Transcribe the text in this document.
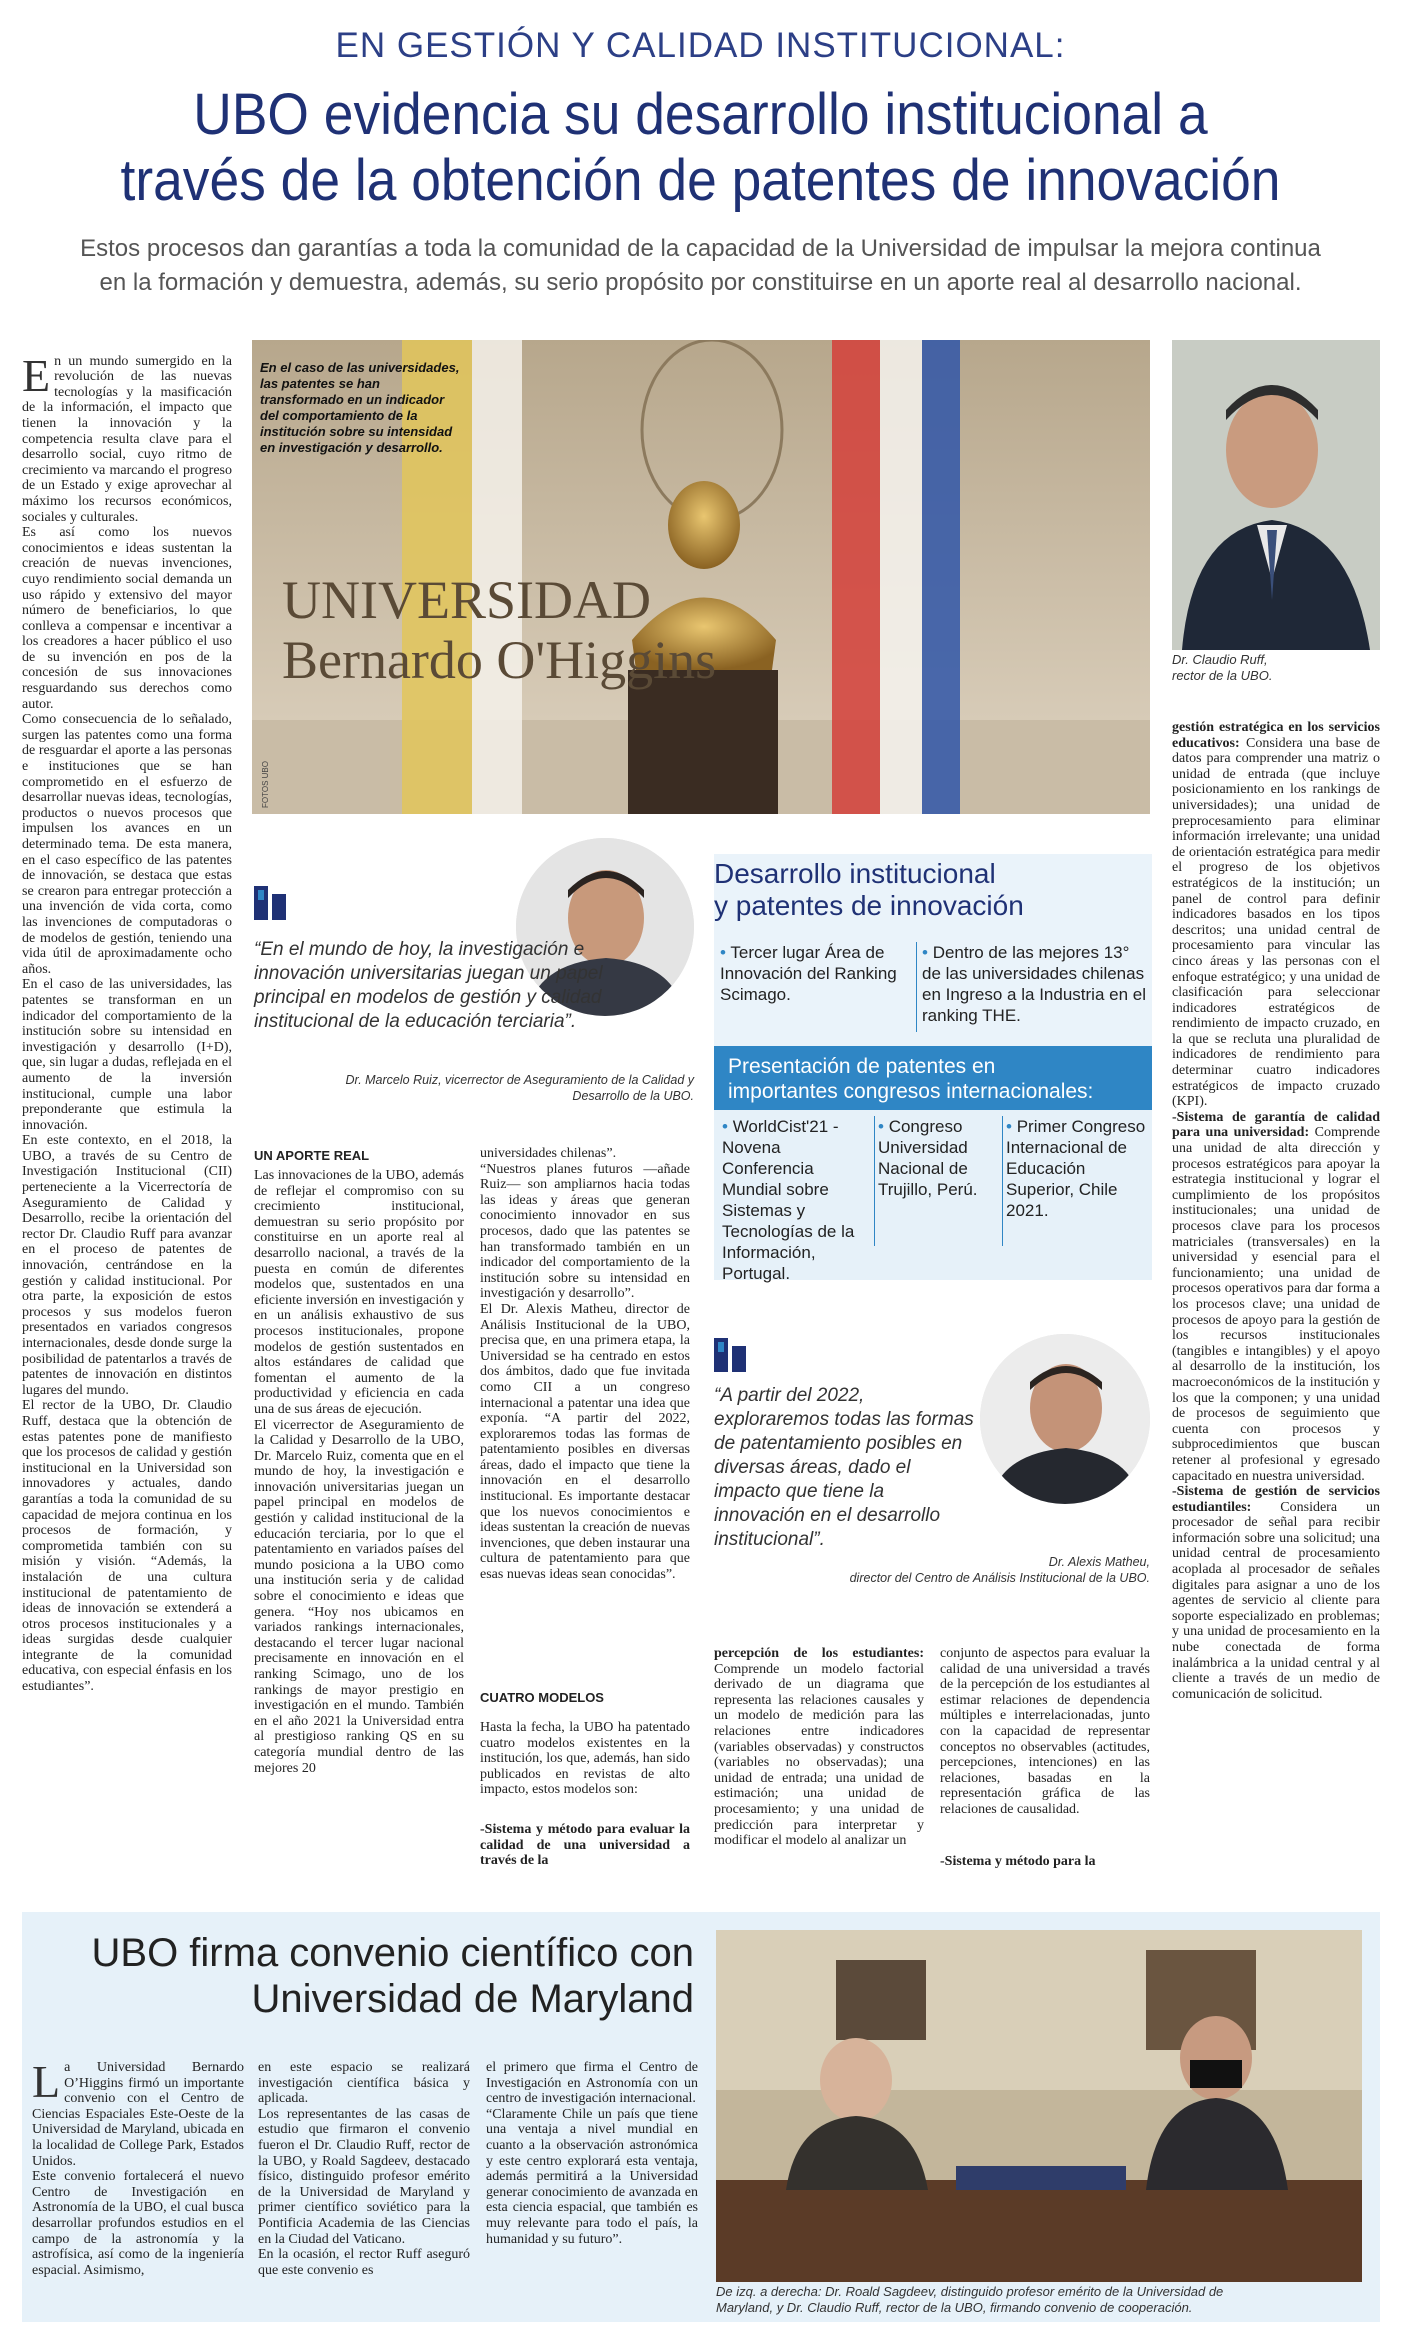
EN GESTIÓN Y CALIDAD INSTITUCIONAL:
UBO evidencia su desarrollo institucional a
través de la obtención de patentes de innovación
Estos procesos dan garantías a toda la comunidad de la capacidad de la Universidad de impulsar la mejora continua
en la formación y demuestra, además, su serio propósito por constituirse en un aporte real al desarrollo nacional.

En un mundo sumergido en la revolución de las nuevas tecnologías y la masificación de la información, el impacto que tienen la innovación y la competencia resulta clave para el desarrollo social, cuyo ritmo de crecimiento va marcando el progreso de un Estado y exige aprovechar al máximo los recursos económicos, sociales y culturales.
Es así como los nuevos conocimientos e ideas sustentan la creación de nuevas invenciones, cuyo rendimiento social demanda un uso rápido y extensivo del mayor número de beneficiarios, lo que conlleva a compensar e incentivar a los creadores a hacer público el uso de su invención en pos de la concesión de sus innovaciones resguardando sus derechos como autor.
Como consecuencia de lo señalado, surgen las patentes como una forma de resguardar el aporte a las personas e instituciones que se han comprometido en el esfuerzo de desarrollar nuevas ideas, tecnologías, productos o nuevos procesos que impulsen los avances en un determinado tema. De esta manera, en el caso específico de las patentes de innovación, se destaca que estas se crearon para entregar protección a una invención de vida corta, como las invenciones de computadoras o de modelos de gestión, teniendo una vida útil de aproximadamente ocho años.
En el caso de las universidades, las patentes se transforman en un indicador del comportamiento de la institución sobre su intensidad en investigación y desarrollo (I+D), que, sin lugar a dudas, reflejada en el aumento de la inversión institucional, cumple una labor preponderante que estimula la innovación.
En este contexto, en el 2018, la UBO, a través de su Centro de Investigación Institucional (CII) perteneciente a la Vicerrectoría de Aseguramiento de Calidad y Desarrollo, recibe la orientación del rector Dr. Claudio Ruff para avanzar en el proceso de patentes de innovación, centrándose en la gestión y calidad institucional. Por otra parte, la exposición de estos procesos y sus modelos fueron presentados en variados congresos internacionales, desde donde surge la posibilidad de patentarlos a través de patentes de innovación en distintos lugares del mundo.
El rector de la UBO, Dr. Claudio Ruff, destaca que la obtención de estas patentes pone de manifiesto que los procesos de calidad y gestión institucional en la Universidad son innovadores y actuales, dando garantías a toda la comunidad de su capacidad de mejora continua en los procesos de formación, y comprometida también con su misión y visión. “Además, la instalación de una cultura institucional de patentamiento de ideas de innovación se extenderá a otros procesos institucionales y a ideas surgidas desde cualquier integrante de la comunidad educativa, con especial énfasis en los estudiantes”.

UNIVERSIDAD
Bernardo O'Higgins
En el caso de las universidades, las patentes se han transformado en un indicador del comportamiento de la institución sobre su intensidad en investigación y desarrollo.
FOTOS UBO
Dr. Claudio Ruff,
rector de la UBO.
“En el mundo de hoy, la investigación e innovación universitarias juegan un papel principal en modelos de gestión y calidad institucional de la educación terciaria”.
Dr. Marcelo Ruiz, vicerrector de Aseguramiento de la Calidad y
Desarrollo de la UBO.
Desarrollo institucional
y patentes de innovación
• Tercer lugar Área de Innovación del Ranking Scimago.
• Dentro de las mejores 13° de las universidades chilenas en Ingreso a la Industria en el ranking THE.
Presentación de patentes en
importantes congresos internacionales:
• WorldCist'21 - Novena Conferencia Mundial sobre Sistemas y Tecnologías de la Información, Portugal.
• Congreso Universidad Nacional de Trujillo, Perú.
• Primer Congreso Internacional de Educación Superior, Chile 2021.
UN APORTE REAL
Las innovaciones de la UBO, además de reflejar el compromiso con su crecimiento institucional, demuestran su serio propósito por constituirse en un aporte real al desarrollo nacional, a través de la puesta en común de diferentes modelos que, sustentados en una eficiente inversión en investigación y en un análisis exhaustivo de sus procesos institucionales, propone modelos de gestión sustentados en altos estándares de calidad que fomentan el aumento de la productividad y eficiencia en cada una de sus áreas de ejecución.
El vicerrector de Aseguramiento de la Calidad y Desarrollo de la UBO, Dr. Marcelo Ruiz, comenta que en el mundo de hoy, la investigación e innovación universitarias juegan un papel principal en modelos de gestión y calidad institucional de la educación terciaria, por lo que el patentamiento en variados países del mundo posiciona a la UBO como una institución seria y de calidad sobre el conocimiento e ideas que genera. “Hoy nos ubicamos en variados rankings internacionales, destacando el tercer lugar nacional precisamente en innovación en el ranking Scimago, uno de los rankings de mayor prestigio en investigación en el mundo. También en el año 2021 la Universidad entra al prestigioso ranking QS en su categoría mundial dentro de las mejores 20
universidades chilenas”.
“Nuestros planes futuros —añade Ruiz— son ampliarnos hacia todas las ideas y áreas que generan conocimiento innovador en sus procesos, dado que las patentes se han transformado también en un indicador del comportamiento de la institución sobre su intensidad en investigación y desarrollo”.
El Dr. Alexis Matheu, director de Análisis Institucional de la UBO, precisa que, en una primera etapa, la Universidad se ha centrado en estos dos ámbitos, dado que fue invitada como CII a un congreso internacional a patentar una idea que exponía. “A partir del 2022, exploraremos todas las formas de patentamiento posibles en diversas áreas, dado el impacto que tiene la innovación en el desarrollo institucional. Es importante destacar que los nuevos conocimientos e ideas sustentan la creación de nuevas invenciones, que deben instaurar una cultura de patentamiento para que esas nuevas ideas sean conocidas”.
CUATRO MODELOS
Hasta la fecha, la UBO ha patentado cuatro modelos existentes en la institución, los que, además, han sido publicados en revistas de alto impacto, estos modelos son:
-Sistema y método para evaluar la calidad de una universidad a través de la
“A partir del 2022, exploraremos todas las formas de patentamiento posibles en diversas áreas, dado el impacto que tiene la innovación en el desarrollo institucional”.
Dr. Alexis Matheu,
director del Centro de Análisis Institucional de la UBO.
percepción de los estudiantes: Comprende un modelo factorial derivado de un diagrama que representa las relaciones causales y un modelo de medición para las relaciones entre indicadores (variables observadas) y constructos (variables no observadas); una unidad de entrada; una unidad de estimación; una unidad de procesamiento; y una unidad de predicción para interpretar y modificar el modelo al analizar un
conjunto de aspectos para evaluar la calidad de una universidad a través de la percepción de los estudiantes al estimar relaciones de dependencia múltiples e interrelacionadas, junto con la capacidad de representar conceptos no observables (actitudes, percepciones, intenciones) en las relaciones, basadas en la representación gráfica de las relaciones de causalidad.
-Sistema y método para la
gestión estratégica en los servicios educativos: Considera una base de datos para comprender una matriz o unidad de entrada (que incluye posicionamiento en los rankings de universidades); una unidad de preprocesamiento para eliminar información irrelevante; una unidad de orientación estratégica para medir el progreso de los objetivos estratégicos de la institución; un panel de control para definir indicadores basados en los tipos descritos; una unidad central de procesamiento para vincular las cinco áreas y las personas con el enfoque estratégico; y una unidad de clasificación para seleccionar indicadores estratégicos de rendimiento de impacto cruzado, en la que se recluta una pluralidad de indicadores de rendimiento para determinar cuatro indicadores estratégicos de impacto cruzado (KPI).
-Sistema de garantía de calidad para una universidad: Comprende una unidad de alta dirección y procesos estratégicos para apoyar la estrategia institucional y lograr el cumplimiento de los propósitos institucionales; una unidad de procesos clave para los procesos matriciales (transversales) en la universidad y esencial para el funcionamiento; una unidad de procesos operativos para dar forma a los procesos clave; una unidad de procesos de apoyo para la gestión de los recursos institucionales (tangibles e intangibles) y el apoyo al desarrollo de la institución, los macroeconómicos de la institución y los que la componen; y una unidad de procesos de seguimiento que cuenta con procesos y subprocedimientos que buscan retener al profesional y egresado capacitado en nuestra universidad.
-Sistema de gestión de servicios estudiantiles: Considera un procesador de señal para recibir información sobre una solicitud; una unidad central de procesamiento acoplada al procesador de señales digitales para asignar a uno de los agentes de servicio al cliente para soporte especializado en problemas; y una unidad de procesamiento en la nube conectada de forma inalámbrica a la unidad central y al cliente a través de un medio de comunicación de solicitud.
UBO firma convenio científico con
Universidad de Maryland
La Universidad Bernardo O’Higgins firmó un importante convenio con el Centro de Ciencias Espaciales Este-Oeste de la Universidad de Maryland, ubicada en la localidad de College Park, Estados Unidos.
Este convenio fortalecerá el nuevo Centro de Investigación en Astronomía de la UBO, el cual busca desarrollar profundos estudios en el campo de la astronomía y la astrofísica, así como de la ingeniería espacial. Asimismo,
en este espacio se realizará investigación científica básica y aplicada.
Los representantes de las casas de estudio que firmaron el convenio fueron el Dr. Claudio Ruff, rector de la UBO, y Roald Sagdeev, destacado físico, distinguido profesor emérito de la Universidad de Maryland y primer científico soviético para la Pontificia Academia de las Ciencias en la Ciudad del Vaticano.
En la ocasión, el rector Ruff aseguró que este convenio es
el primero que firma el Centro de Investigación en Astronomía con un centro de investigación internacional.
“Claramente Chile un país que tiene una ventaja a nivel mundial en cuanto a la observación astronómica y este centro explorará esta ventaja, además permitirá a la Universidad generar conocimiento de avanzada en esta ciencia espacial, que también es muy relevante para todo el país, la humanidad y su futuro”.
De izq. a derecha: Dr. Roald Sagdeev, distinguido profesor emérito de la Universidad de
Maryland, y Dr. Claudio Ruff, rector de la UBO, firmando convenio de cooperación.
